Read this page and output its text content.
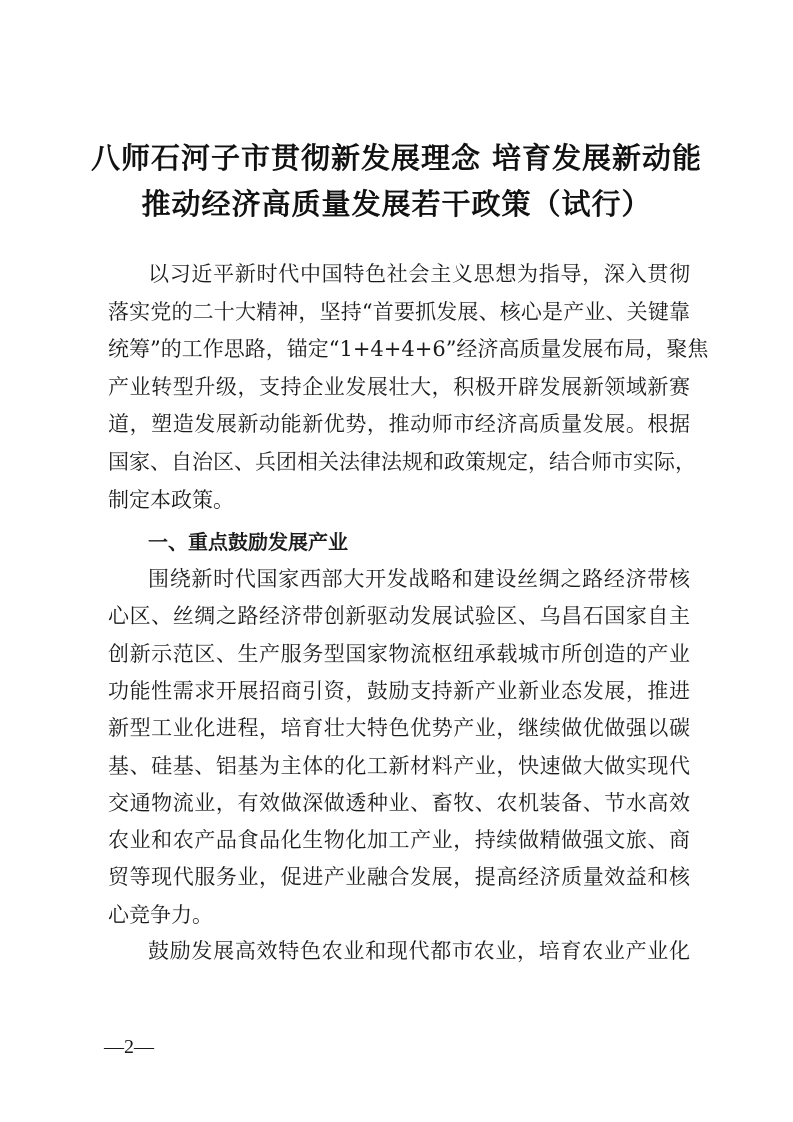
八师石河子市贯彻新发展理念 培育发展新动能
推动经济高质量发展若干政策（试行）
以习近平新时代中国特色社会主义思想为指导，深入贯彻
落实党的二十大精神，坚持“首要抓发展、核心是产业、关键靠
统筹”的工作思路，锚定“1+4+4+6”经济高质量发展布局，聚焦
产业转型升级，支持企业发展壮大，积极开辟发展新领域新赛
道，塑造发展新动能新优势，推动师市经济高质量发展。根据
国家、自治区、兵团相关法律法规和政策规定，结合师市实际，
制定本政策。
一、重点鼓励发展产业
围绕新时代国家西部大开发战略和建设丝绸之路经济带核
心区、丝绸之路经济带创新驱动发展试验区、乌昌石国家自主
创新示范区、生产服务型国家物流枢纽承载城市所创造的产业
功能性需求开展招商引资，鼓励支持新产业新业态发展，推进
新型工业化进程，培育壮大特色优势产业，继续做优做强以碳
基、硅基、铝基为主体的化工新材料产业，快速做大做实现代
交通物流业，有效做深做透种业、畜牧、农机装备、节水高效
农业和农产品食品化生物化加工产业，持续做精做强文旅、商
贸等现代服务业，促进产业融合发展，提高经济质量效益和核
心竞争力。
鼓励发展高效特色农业和现代都市农业，培育农业产业化
—2—
